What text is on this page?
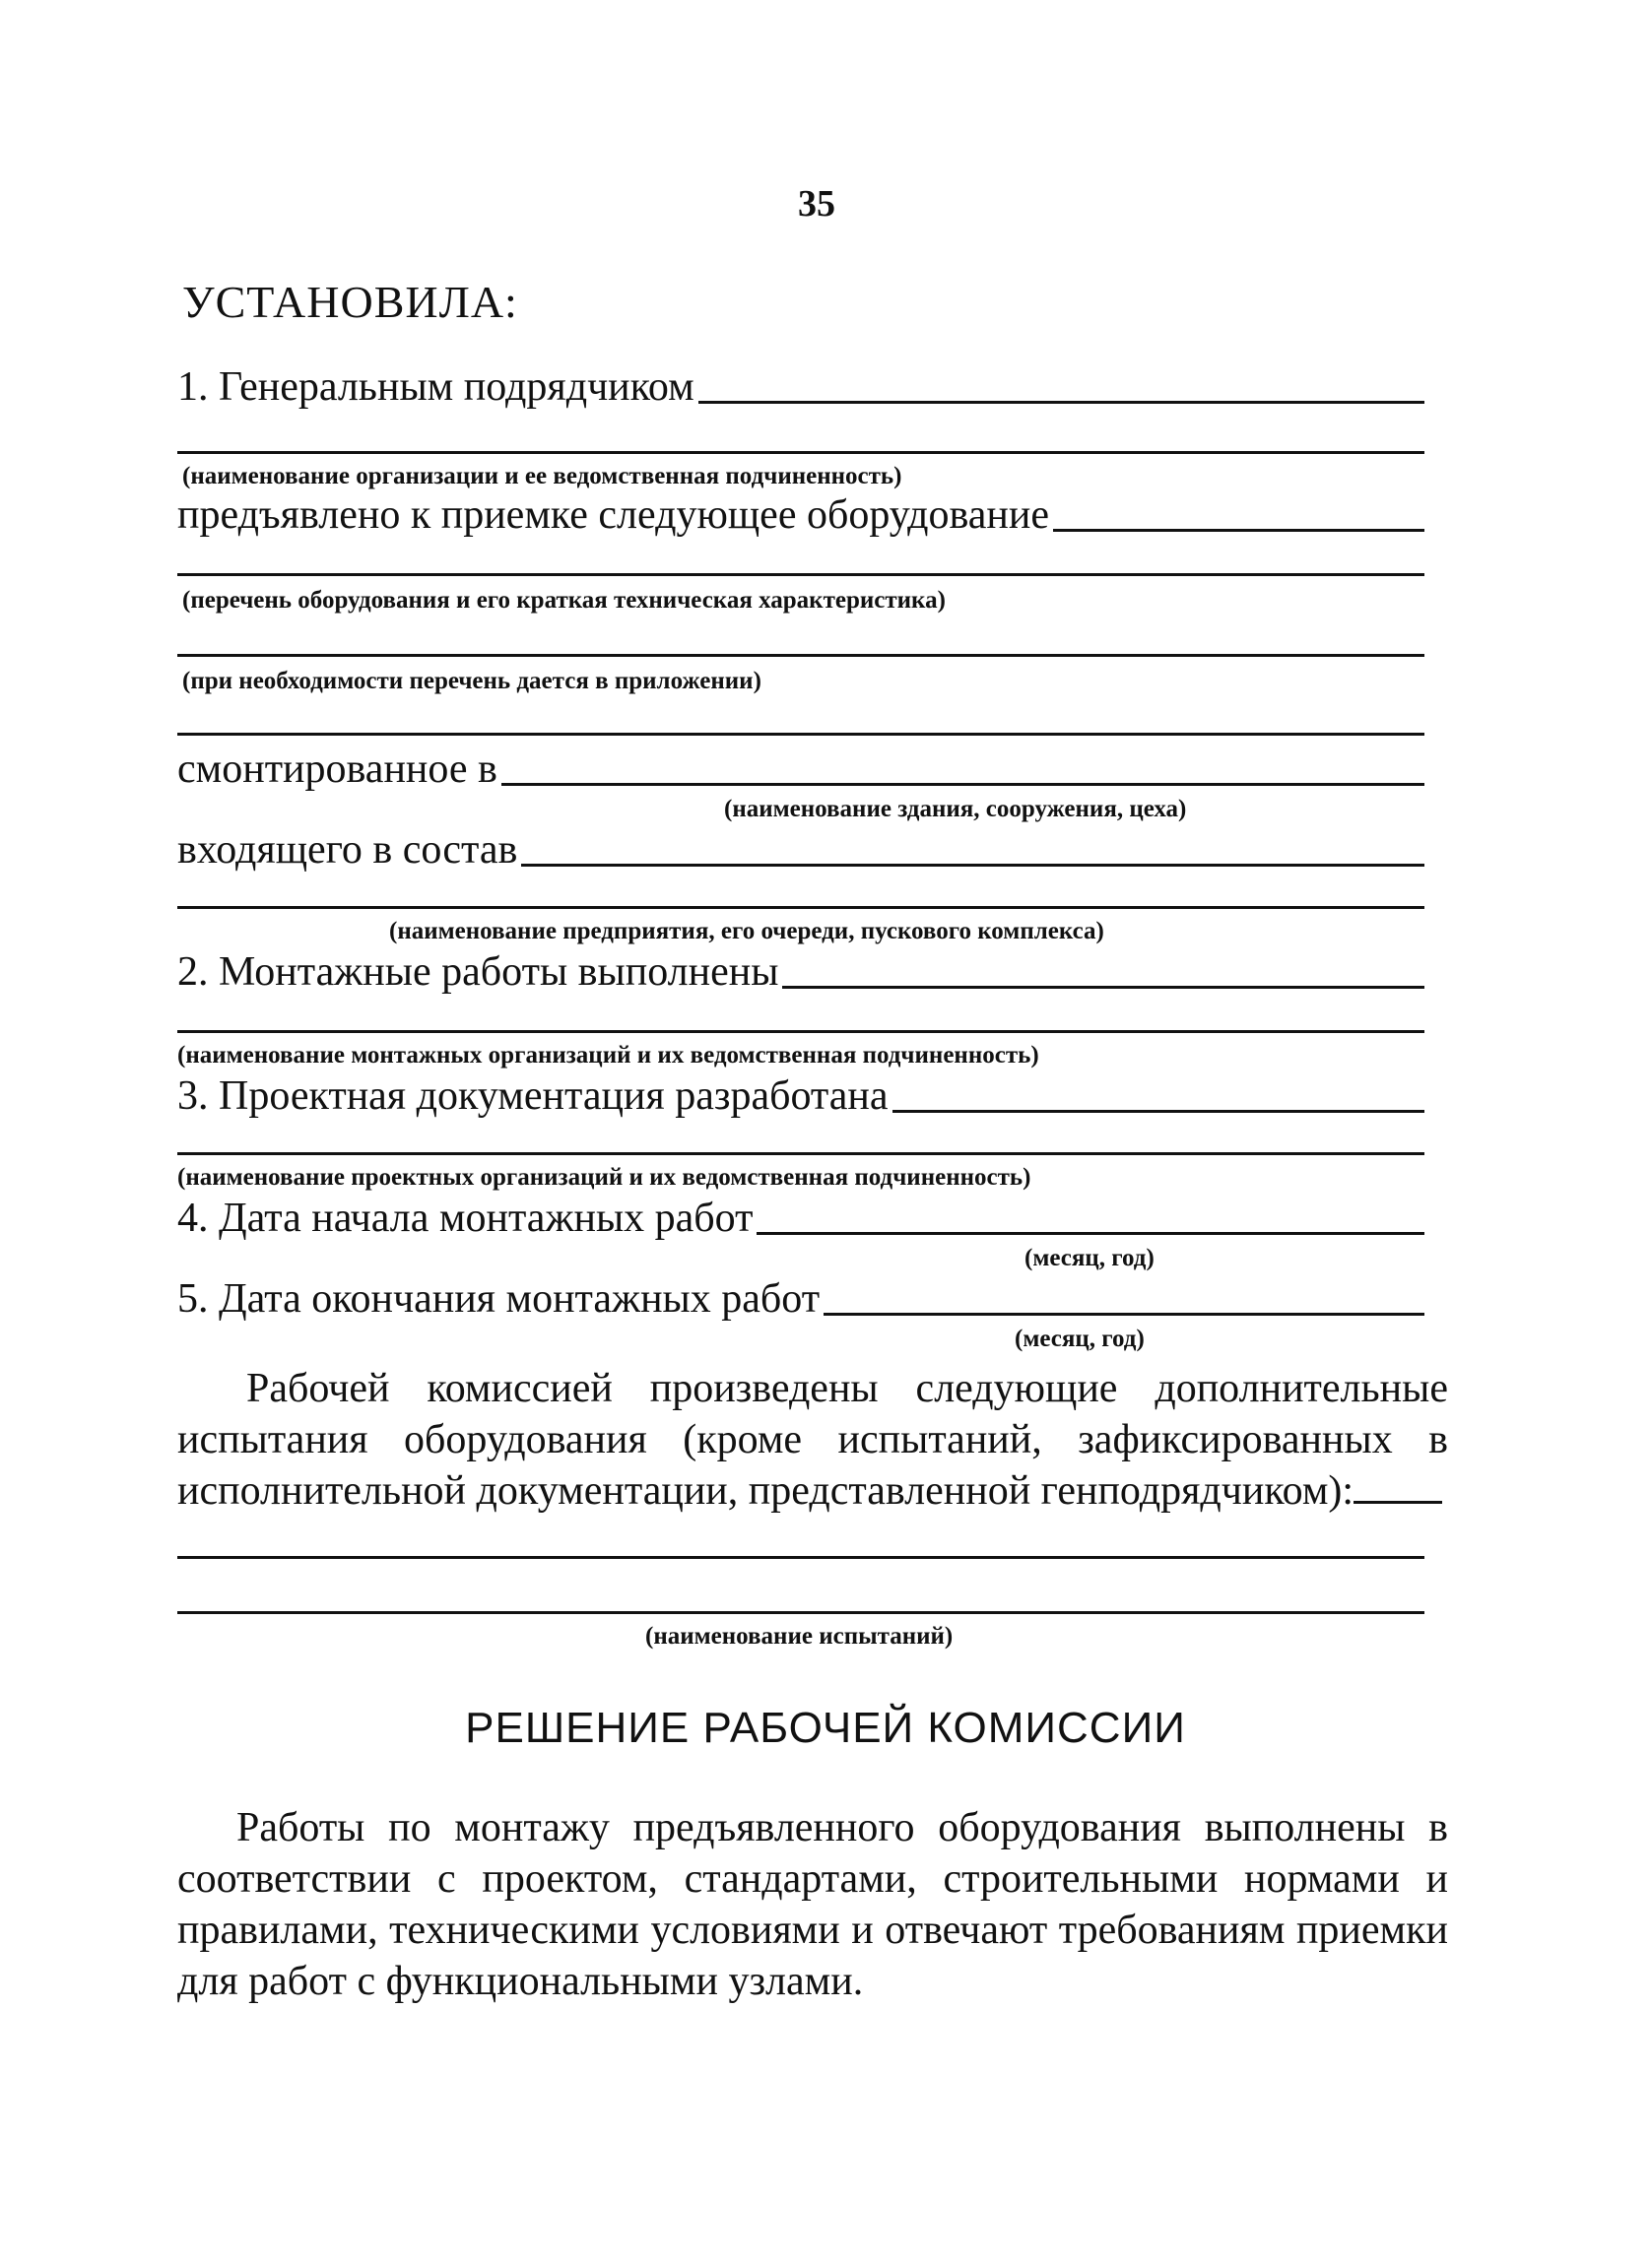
35
УСТАНОВИЛА:
1. Генеральным подрядчиком
(наименование организации и ее ведомственная подчиненность)
предъявлено к приемке следующее оборудование
(перечень оборудования и его краткая техническая характеристика)
(при необходимости перечень дается в приложении)
смонтированное в
(наименование здания, сооружения, цеха)
входящего в состав
(наименование предприятия, его очереди, пускового комплекса)
2. Монтажные работы выполнены
(наименование монтажных организаций и их ведомственная подчиненность)
3. Проектная документация разработана
(наименование проектных организаций и их ведомственная подчиненность)
4. Дата начала монтажных работ
(месяц, год)
5. Дата окончания монтажных работ
(месяц, год)
Рабочей комиссией произведены следующие дополнительные испытания оборудования (кроме испытаний, зафиксированных в исполнительной документации, представленной генподрядчиком):
(наименование испытаний)
РЕШЕНИЕ РАБОЧЕЙ КОМИССИИ
Работы по монтажу предъявленного оборудования выполнены в соответствии с проектом, стандартами, строительными нормами и правилами, техническими условиями и отвечают требованиям приемки для работ с функциональными узлами.
